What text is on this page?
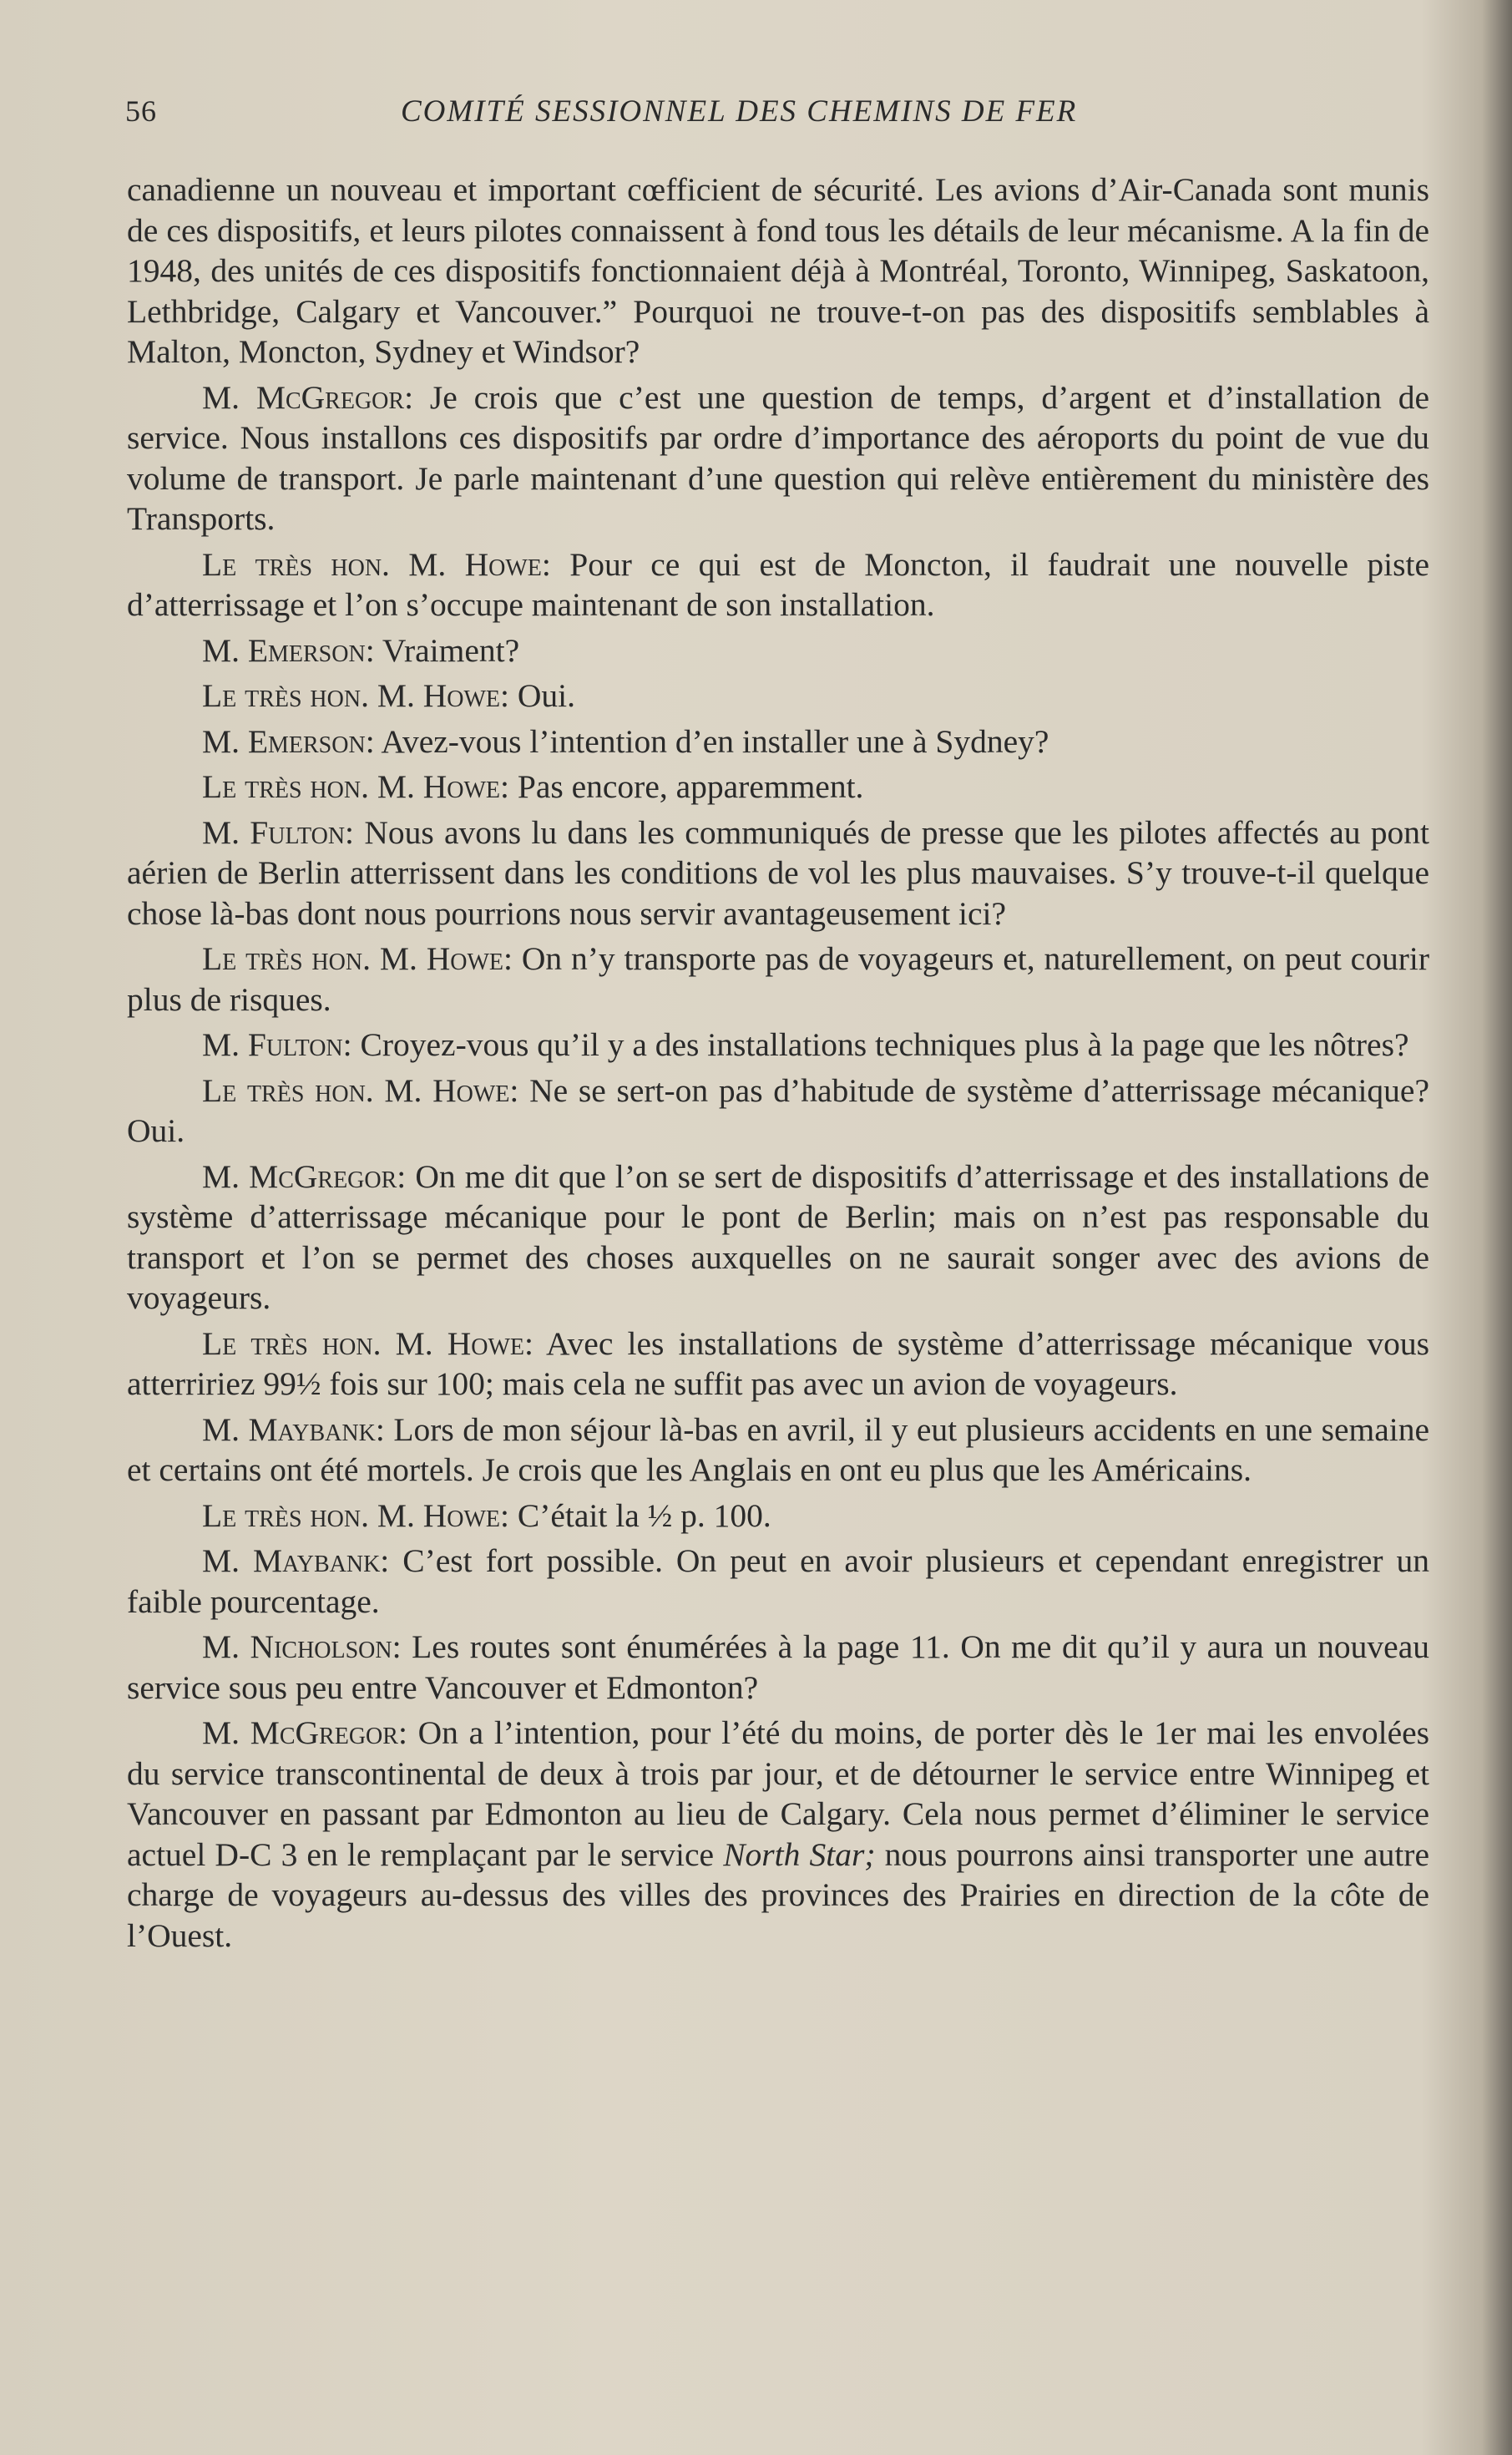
56	COMITÉ SESSIONNEL DES CHEMINS DE FER

canadienne un nouveau et important cœfficient de sécurité. Les avions d’Air-Canada sont munis de ces dispositifs, et leurs pilotes connaissent à fond tous les détails de leur mécanisme. A la fin de 1948, des unités de ces dispositifs fonctionnaient déjà à Montréal, Toronto, Winnipeg, Saskatoon, Lethbridge, Calgary et Vancouver.” Pourquoi ne trouve-t-on pas des dispositifs semblables à Malton, Moncton, Sydney et Windsor?

M. McGregor: Je crois que c’est une question de temps, d’argent et d’installation de service. Nous installons ces dispositifs par ordre d’importance des aéroports du point de vue du volume de transport. Je parle maintenant d’une question qui relève entièrement du ministère des Transports.

Le très hon. M. Howe: Pour ce qui est de Moncton, il faudrait une nouvelle piste d’atterrissage et l’on s’occupe maintenant de son installation.

M. Emerson: Vraiment?

Le très hon. M. Howe: Oui.

M. Emerson: Avez-vous l’intention d’en installer une à Sydney?

Le très hon. M. Howe: Pas encore, apparemment.

M. Fulton: Nous avons lu dans les communiqués de presse que les pilotes affectés au pont aérien de Berlin atterrissent dans les conditions de vol les plus mauvaises. S’y trouve-t-il quelque chose là-bas dont nous pourrions nous servir avantageusement ici?

Le très hon. M. Howe: On n’y transporte pas de voyageurs et, naturellement, on peut courir plus de risques.

M. Fulton: Croyez-vous qu’il y a des installations techniques plus à la page que les nôtres?

Le très hon. M. Howe: Ne se sert-on pas d’habitude de système d’atterrissage mécanique? Oui.

M. McGregor: On me dit que l’on se sert de dispositifs d’atterrissage et des installations de système d’atterrissage mécanique pour le pont de Berlin; mais on n’est pas responsable du transport et l’on se permet des choses auxquelles on ne saurait songer avec des avions de voyageurs.

Le très hon. M. Howe: Avec les installations de système d’atterrissage mécanique vous atterririez 99½ fois sur 100; mais cela ne suffit pas avec un avion de voyageurs.

M. Maybank: Lors de mon séjour là-bas en avril, il y eut plusieurs accidents en une semaine et certains ont été mortels. Je crois que les Anglais en ont eu plus que les Américains.

Le très hon. M. Howe: C’était la ½ p. 100.

M. Maybank: C’est fort possible. On peut en avoir plusieurs et cependant enregistrer un faible pourcentage.

M. Nicholson: Les routes sont énumérées à la page 11. On me dit qu’il y aura un nouveau service sous peu entre Vancouver et Edmonton?

M. McGregor: On a l’intention, pour l’été du moins, de porter dès le 1er mai les envolées du service transcontinental de deux à trois par jour, et de détourner le service entre Winnipeg et Vancouver en passant par Edmonton au lieu de Calgary. Cela nous permet d’éliminer le service actuel D-C 3 en le remplaçant par le service North Star; nous pourrons ainsi transporter une autre charge de voyageurs au-dessus des villes des provinces des Prairies en direction de la côte de l’Ouest.
